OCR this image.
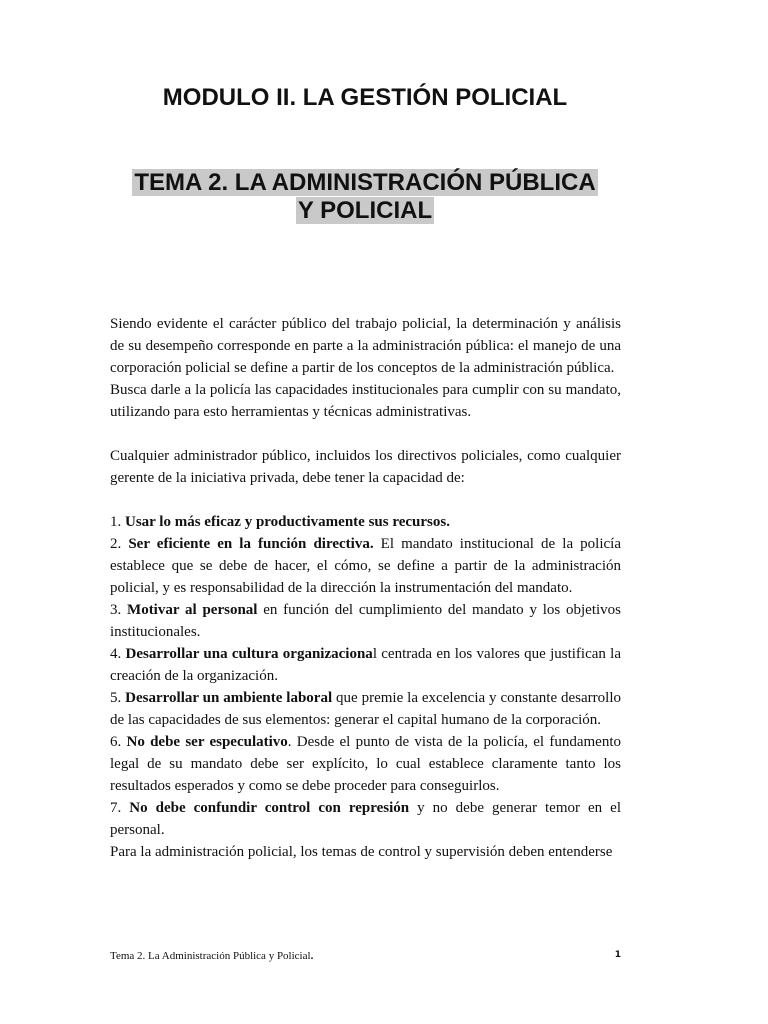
MODULO II. LA GESTIÓN POLICIAL
TEMA 2. LA ADMINISTRACIÓN PÚBLICA
Y POLICIAL

Siendo evidente el carácter público del trabajo policial, la determinación y análisis de su desempeño corresponde en parte a la administración pública: el manejo de una corporación policial se define a partir de los conceptos de la administración pública.

Busca darle a la policía las capacidades institucionales para cumplir con su mandato, utilizando para esto herramientas y técnicas administrativas.

Cualquier administrador público, incluidos los directivos policiales, como cualquier gerente de la iniciativa privada, debe tener la capacidad de:

1. Usar lo más eficaz y productivamente sus recursos.

2. Ser eficiente en la función directiva. El mandato institucional de la policía establece que se debe de hacer, el cómo, se define a partir de la administración policial, y es responsabilidad de la dirección la instrumentación del mandato.

3. Motivar al personal en función del cumplimiento del mandato y los objetivos institucionales.

4. Desarrollar una cultura organizacional centrada en los valores que justifican la creación de la organización.

5. Desarrollar un ambiente laboral que premie la excelencia y constante desarrollo de las capacidades de sus elementos: generar el capital humano de la corporación.

6. No debe ser especulativo. Desde el punto de vista de la policía, el fundamento legal de su mandato debe ser explícito, lo cual establece claramente tanto los resultados esperados y como se debe proceder para conseguirlos.

7. No debe confundir control con represión y no debe generar temor en el personal.

Para la administración policial, los temas de control y supervisión deben entenderse

Tema 2. La Administración Pública y Policial.	1
